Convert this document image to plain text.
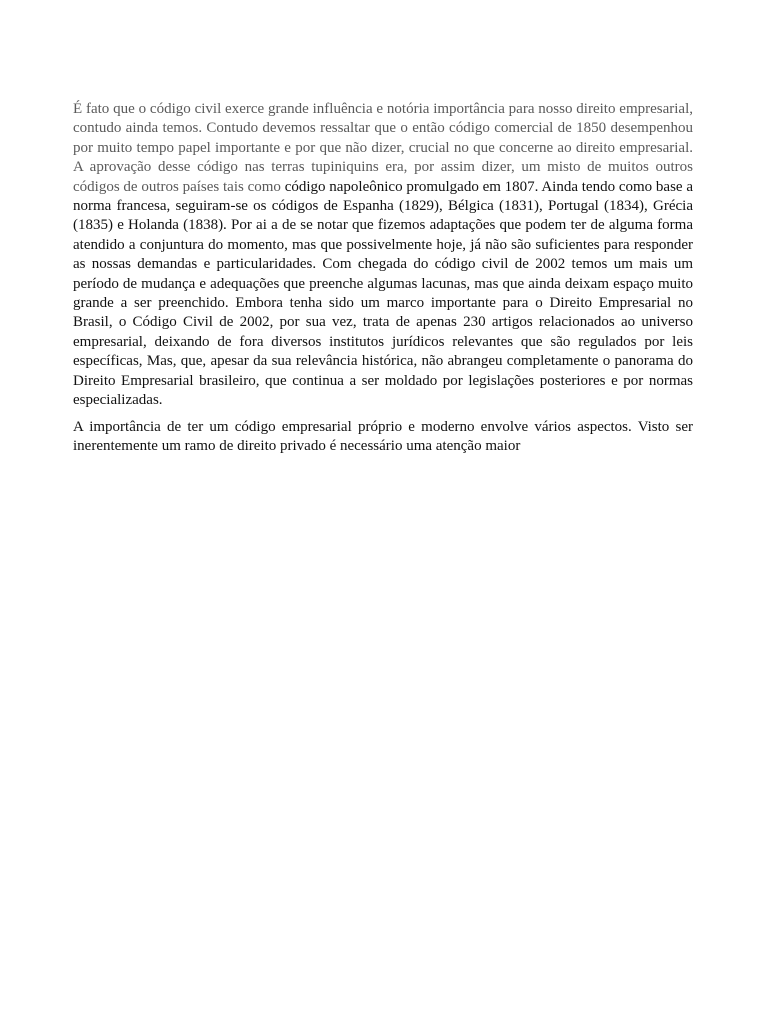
É fato que o código civil exerce grande influência e notória importância para nosso direito empresarial, contudo ainda temos. Contudo devemos ressaltar que o então código comercial de 1850 desempenhou por muito tempo papel importante e por que não dizer, crucial no que concerne ao direito empresarial. A aprovação desse código nas terras tupiniquins era, por assim dizer, um misto de muitos outros códigos de outros países tais como código napoleônico promulgado em 1807. Ainda tendo como base a norma francesa, seguiram-se os códigos de Espanha (1829), Bélgica (1831), Portugal (1834), Grécia (1835) e Holanda (1838). Por ai a de se notar que fizemos adaptações que podem ter de alguma forma atendido a conjuntura do momento, mas que possivelmente hoje, já não são suficientes para responder as nossas demandas e particularidades. Com chegada do código civil de 2002 temos um mais um período de mudança e adequações que preenche algumas lacunas, mas que ainda deixam espaço muito grande a ser preenchido. Embora tenha sido um marco importante para o Direito Empresarial no Brasil, o Código Civil de 2002, por sua vez, trata de apenas 230 artigos relacionados ao universo empresarial, deixando de fora diversos institutos jurídicos relevantes que são regulados por leis específicas, Mas, que, apesar da sua relevância histórica, não abrangeu completamente o panorama do Direito Empresarial brasileiro, que continua a ser moldado por legislações posteriores e por normas especializadas.

A importância de ter um código empresarial próprio e moderno envolve vários aspectos. Visto ser inerentemente um ramo de direito privado é necessário uma atenção maior
